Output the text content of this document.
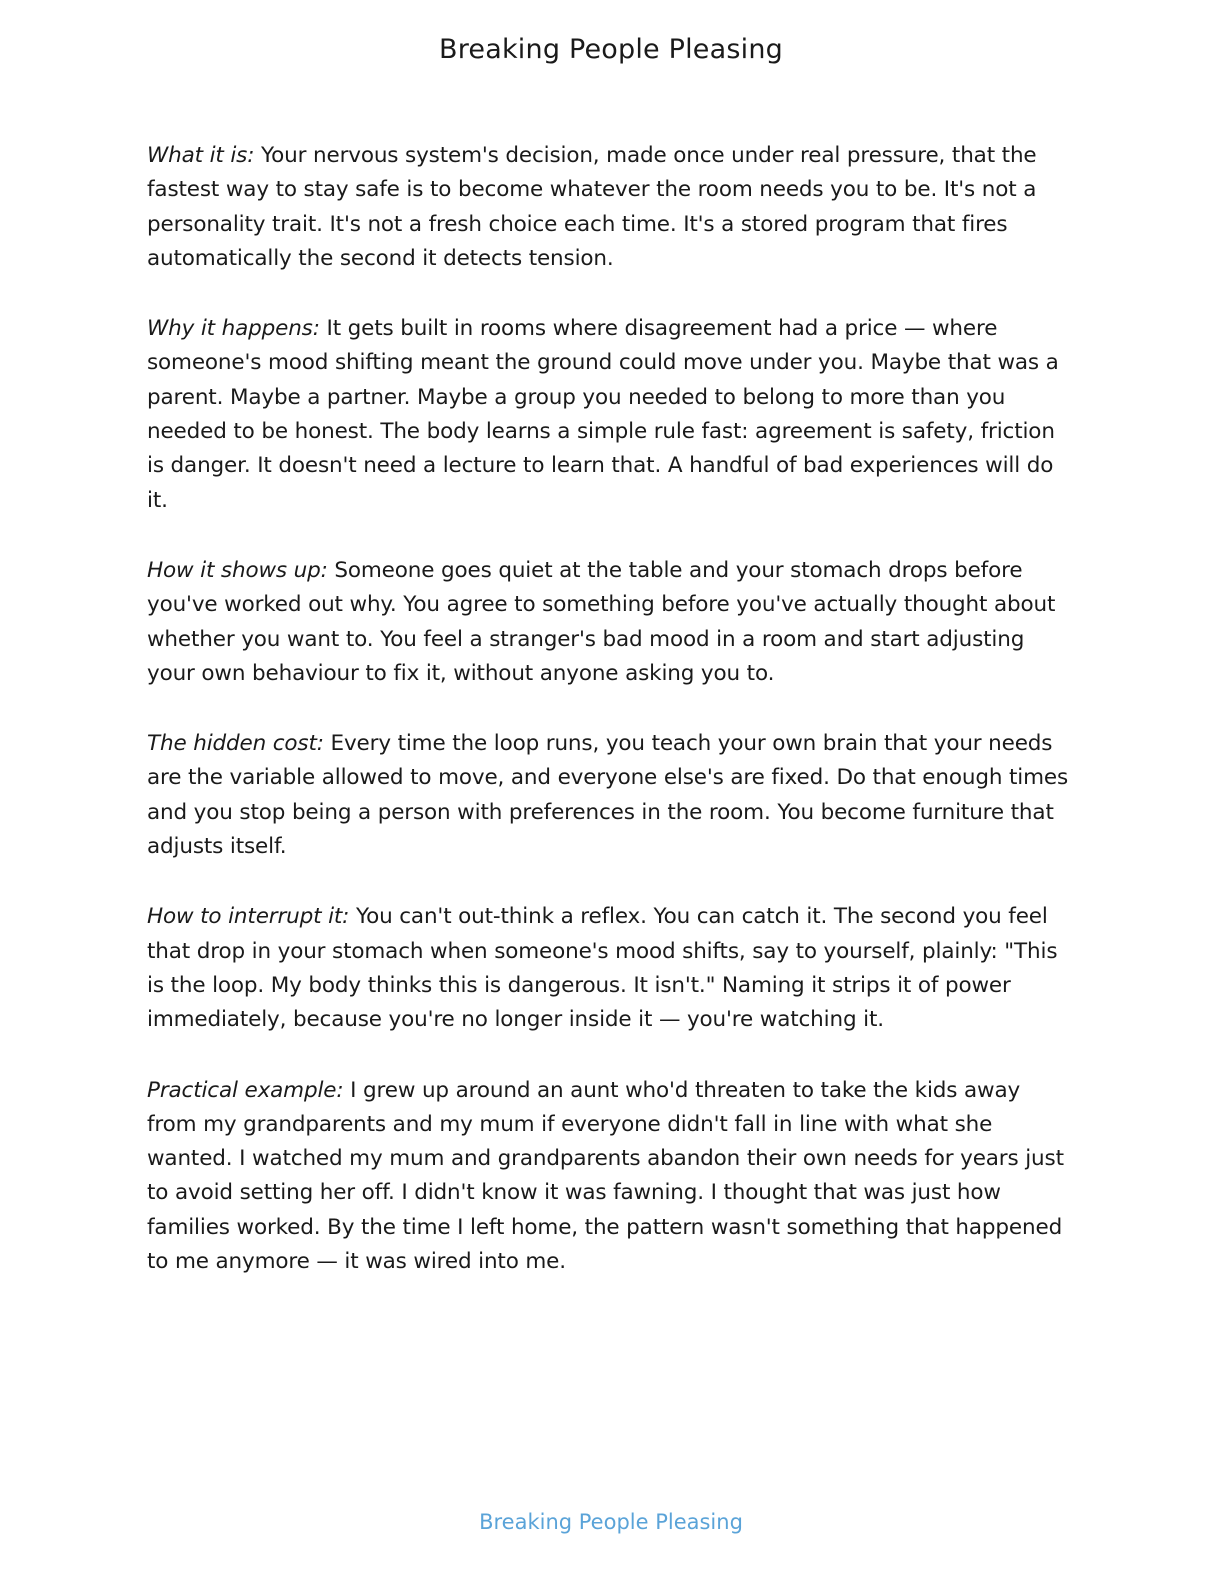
Breaking People Pleasing

What it is: Your nervous system's decision, made once under real pressure, that the fastest way to stay safe is to become whatever the room needs you to be. It's not a personality trait. It's not a fresh choice each time. It's a stored program that fires automatically the second it detects tension.

Why it happens: It gets built in rooms where disagreement had a price — where someone's mood shifting meant the ground could move under you. Maybe that was a parent. Maybe a partner. Maybe a group you needed to belong to more than you needed to be honest. The body learns a simple rule fast: agreement is safety, friction is danger. It doesn't need a lecture to learn that. A handful of bad experiences will do it.

How it shows up: Someone goes quiet at the table and your stomach drops before you've worked out why. You agree to something before you've actually thought about whether you want to. You feel a stranger's bad mood in a room and start adjusting your own behaviour to fix it, without anyone asking you to.

The hidden cost: Every time the loop runs, you teach your own brain that your needs are the variable allowed to move, and everyone else's are fixed. Do that enough times and you stop being a person with preferences in the room. You become furniture that adjusts itself.

How to interrupt it: You can't out-think a reflex. You can catch it. The second you feel that drop in your stomach when someone's mood shifts, say to yourself, plainly: "This is the loop. My body thinks this is dangerous. It isn't." Naming it strips it of power immediately, because you're no longer inside it — you're watching it.

Practical example: I grew up around an aunt who'd threaten to take the kids away from my grandparents and my mum if everyone didn't fall in line with what she wanted. I watched my mum and grandparents abandon their own needs for years just to avoid setting her off. I didn't know it was fawning. I thought that was just how families worked. By the time I left home, the pattern wasn't something that happened to me anymore — it was wired into me.

Breaking People Pleasing
